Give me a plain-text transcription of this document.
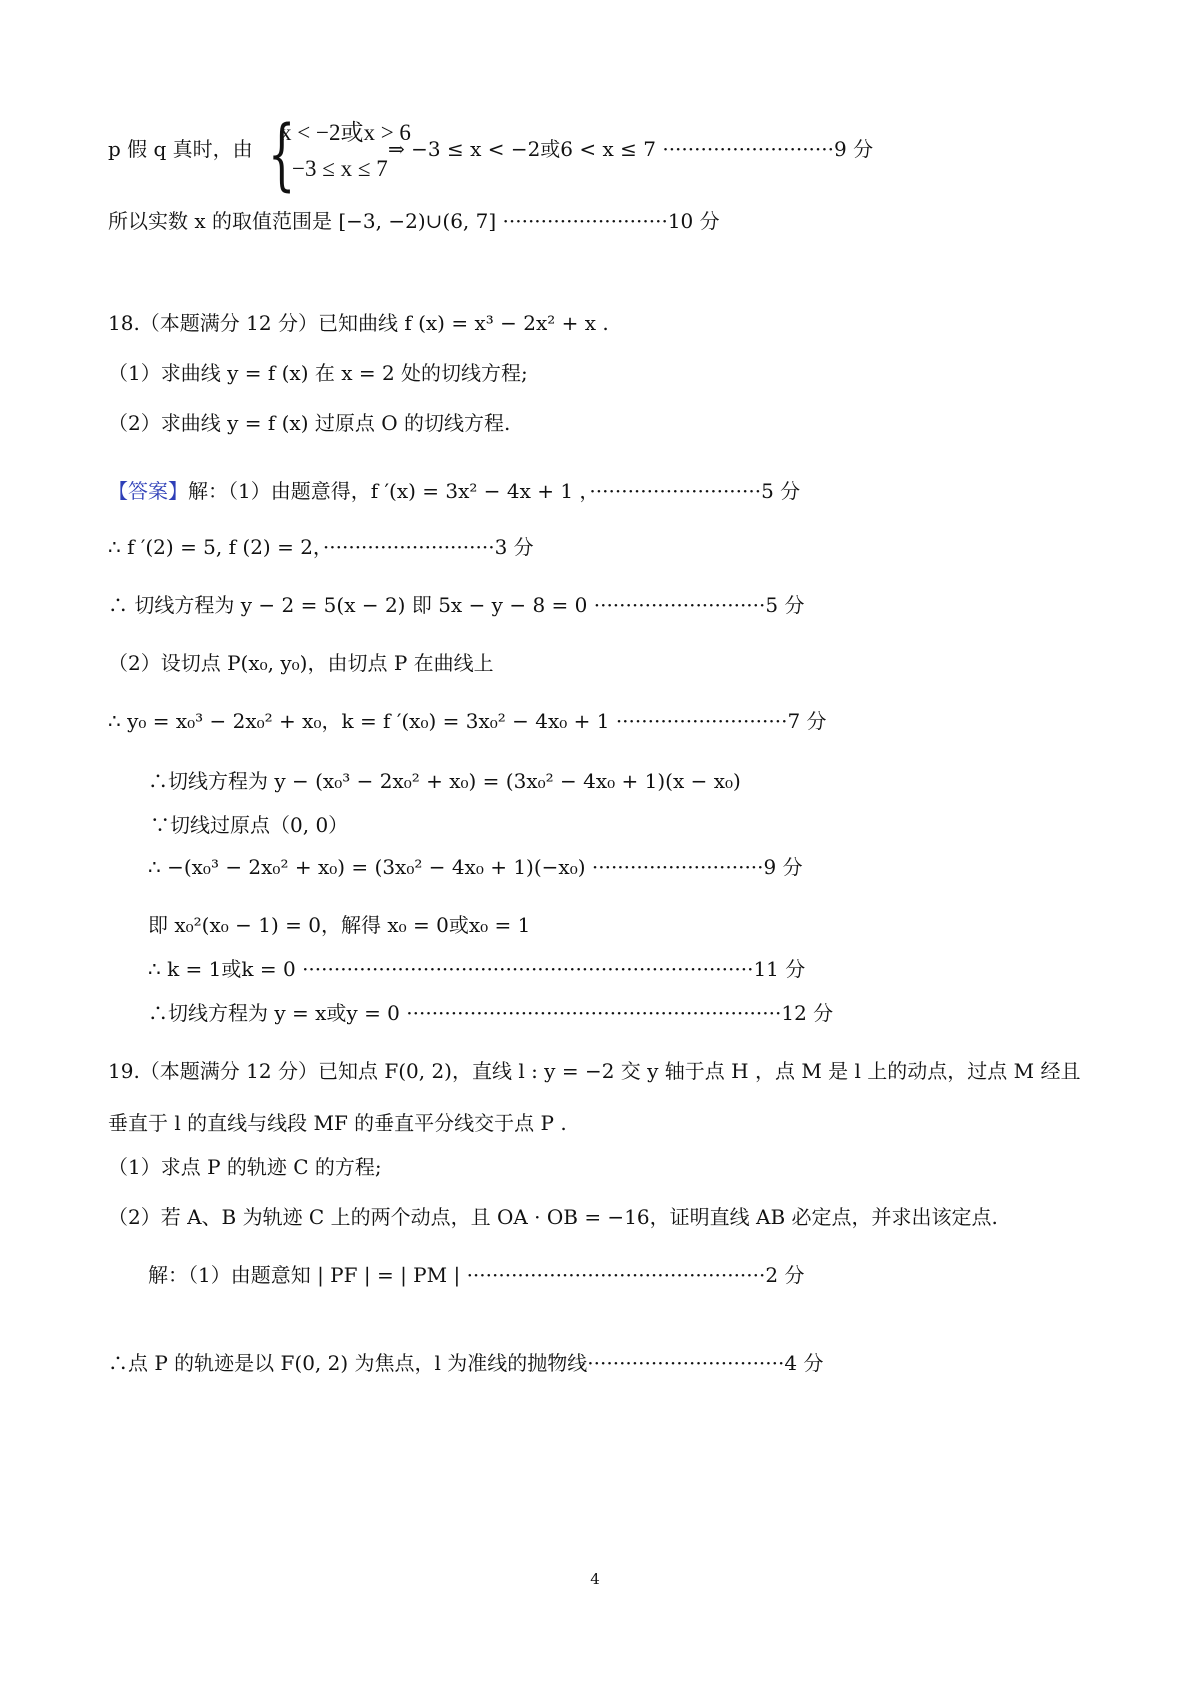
p 假 q 真时，由 {
x < −2或x > 6
−3 ≤ x ≤ 7
⇒ −3 ≤ x < −2或6 < x ≤ 7 ···························9 分
所以实数 x 的取值范围是 [−3, −2)∪(6, 7] ··························10 分
18.（本题满分 12 分）已知曲线 f (x) = x³ − 2x² + x .
（1）求曲线 y = f (x) 在 x = 2 处的切线方程;
（2）求曲线 y = f (x) 过原点 O 的切线方程.
【答案】解：（1）由题意得，f ′(x) = 3x² − 4x + 1 ，···························5 分
∴ f ′(2) = 5, f (2) = 2，···························3 分
∴ 切线方程为 y − 2 = 5(x − 2) 即 5x − y − 8 = 0 ···························5 分
（2）设切点 P(x₀, y₀)，由切点 P 在曲线上
∴ y₀ = x₀³ − 2x₀² + x₀，k = f ′(x₀) = 3x₀² − 4x₀ + 1 ···························7 分
∴切线方程为 y − (x₀³ − 2x₀² + x₀) = (3x₀² − 4x₀ + 1)(x − x₀)
∵切线过原点（0, 0）
∴ −(x₀³ − 2x₀² + x₀) = (3x₀² − 4x₀ + 1)(−x₀) ···························9 分
即 x₀²(x₀ − 1) = 0，解得 x₀ = 0或x₀ = 1
∴ k = 1或k = 0 ·······································································11 分
∴切线方程为 y = x或y = 0 ···························································12 分
19.（本题满分 12 分）已知点 F(0, 2)，直线 l : y = −2 交 y 轴于点 H ，点 M 是 l 上的动点，过点 M 经且
垂直于 l 的直线与线段 MF 的垂直平分线交于点 P .
（1）求点 P 的轨迹 C 的方程;
（2）若 A、B 为轨迹 C 上的两个动点，且 OA · OB = −16，证明直线 AB 必定点，并求出该定点.
解：（1）由题意知 | PF | = | PM | ···············································2 分
∴点 P 的轨迹是以 F(0, 2) 为焦点，l 为准线的抛物线·······························4 分
4
